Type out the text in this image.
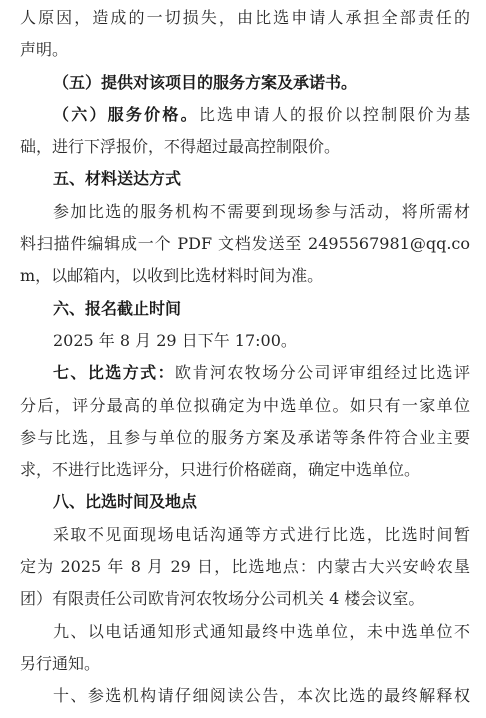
人原因，造成的一切损失，由比选申请人承担全部责任的
声明。
（五）提供对该项目的服务方案及承诺书。
（六）服务价格。比选申请人的报价以控制限价为基
础，进行下浮报价，不得超过最高控制限价。
五、材料送达方式
参加比选的服务机构不需要到现场参与活动，将所需材
料扫描件编辑成一个 PDF 文档发送至 2495567981@qq.co
m，以邮箱内，以收到比选材料时间为准。
六、报名截止时间
2025 年 8 月 29 日下午 17:00。
七、比选方式：欧肯河农牧场分公司评审组经过比选评
分后，评分最高的单位拟确定为中选单位。如只有一家单位
参与比选，且参与单位的服务方案及承诺等条件符合业主要
求，不进行比选评分，只进行价格磋商，确定中选单位。
八、比选时间及地点
采取不见面现场电话沟通等方式进行比选，比选时间暂
定为 2025 年 8 月 29 日，比选地点：内蒙古大兴安岭农垦
团）有限责任公司欧肯河农牧场分公司机关 4 楼会议室。
九、以电话通知形式通知最终中选单位，未中选单位不
另行通知。
十、参选机构请仔细阅读公告，本次比选的最终解释权
